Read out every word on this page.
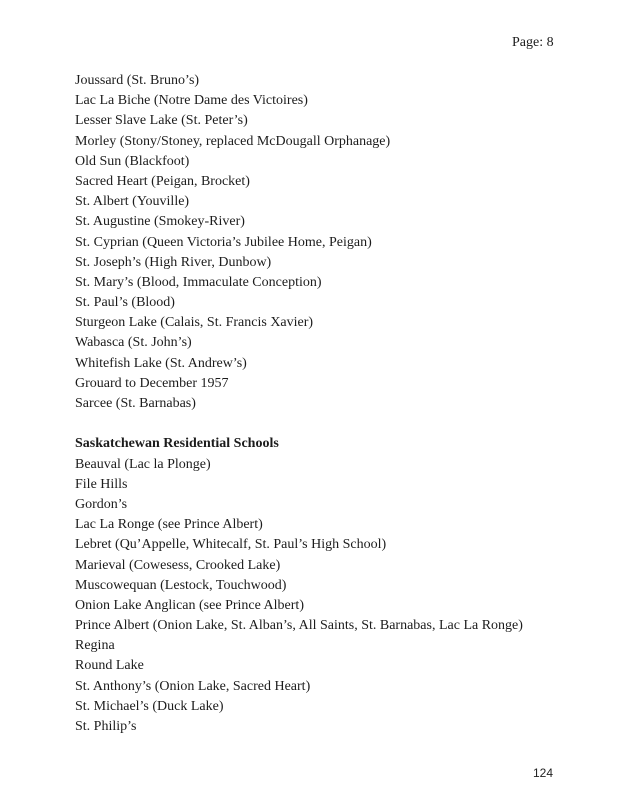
Page: 8
Joussard (St. Bruno’s)
Lac La Biche (Notre Dame des Victoires)
Lesser Slave Lake (St. Peter’s)
Morley (Stony/Stoney, replaced McDougall Orphanage)
Old Sun (Blackfoot)
Sacred Heart (Peigan, Brocket)
St. Albert (Youville)
St. Augustine (Smokey-River)
St. Cyprian (Queen Victoria’s Jubilee Home, Peigan)
St. Joseph’s (High River, Dunbow)
St. Mary’s (Blood, Immaculate Conception)
St. Paul’s (Blood)
Sturgeon Lake (Calais, St. Francis Xavier)
Wabasca (St. John’s)
Whitefish Lake (St. Andrew’s)
Grouard to December 1957
Sarcee (St. Barnabas)
Saskatchewan Residential Schools
Beauval (Lac la Plonge)
File Hills
Gordon’s
Lac La Ronge (see Prince Albert)
Lebret (Qu’Appelle, Whitecalf, St. Paul’s High School)
Marieval (Cowesess, Crooked Lake)
Muscowequan (Lestock, Touchwood)
Onion Lake Anglican (see Prince Albert)
Prince Albert (Onion Lake, St. Alban’s, All Saints, St. Barnabas, Lac La Ronge)
Regina
Round Lake
St. Anthony’s (Onion Lake, Sacred Heart)
St. Michael’s (Duck Lake)
St. Philip’s
124
